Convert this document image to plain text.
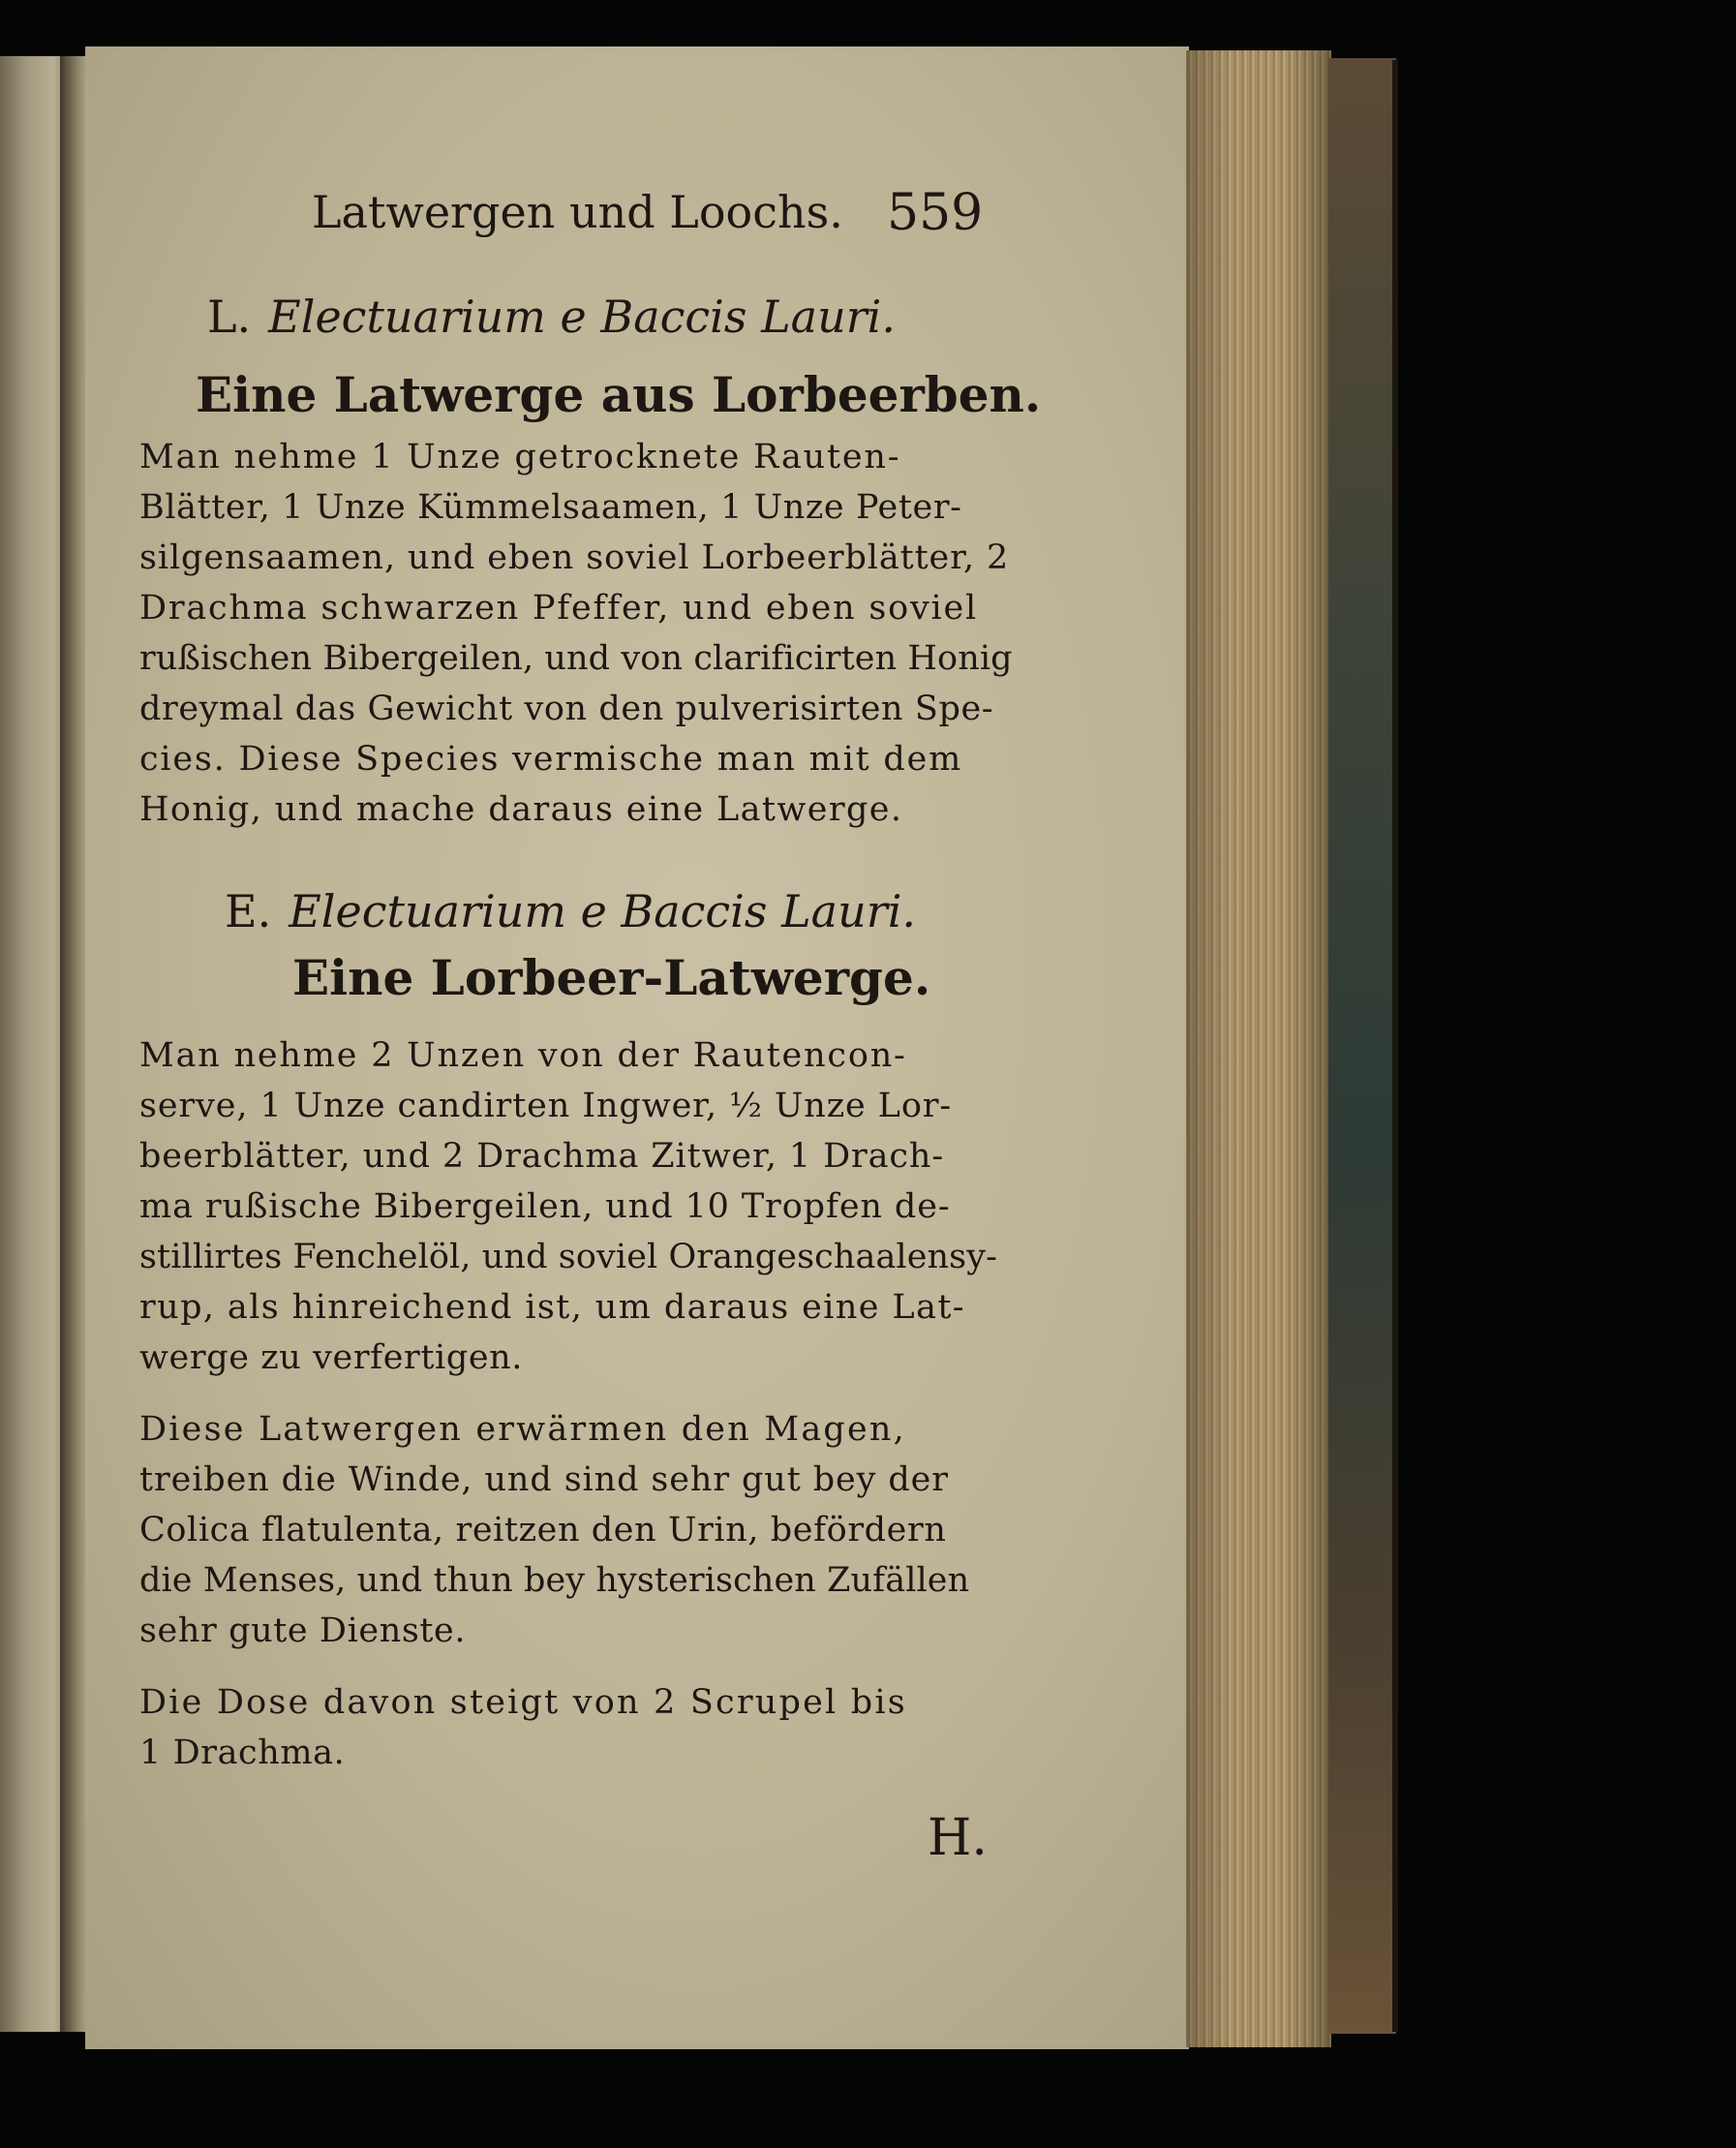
Latwergen und Loochs. 559
L. Electuarium e Baccis Lauri.
Eine Latwerge aus Lorbeerben.
Man nehme 1 Unze getrocknete Rauten-
Blätter, 1 Unze Kümmelsaamen, 1 Unze Peter-
silgensaamen, und eben soviel Lorbeerblätter, 2
Drachma schwarzen Pfeffer, und eben soviel
rußischen Bibergeilen, und von clarificirten Honig
dreymal das Gewicht von den pulverisirten Spe-
cies. Diese Species vermische man mit dem
Honig, und mache daraus eine Latwerge.
E. Electuarium e Baccis Lauri.
Eine Lorbeer-Latwerge.
Man nehme 2 Unzen von der Rautencon-
serve, 1 Unze candirten Ingwer, ½ Unze Lor-
beerblätter, und 2 Drachma Zitwer, 1 Drach-
ma rußische Bibergeilen, und 10 Tropfen de-
stillirtes Fenchelöl, und soviel Orangeschaalensy-
rup, als hinreichend ist, um daraus eine Lat-
werge zu verfertigen.
Diese Latwergen erwärmen den Magen,
treiben die Winde, und sind sehr gut bey der
Colica flatulenta, reitzen den Urin, befördern
die Menses, und thun bey hysterischen Zufällen
sehr gute Dienste.
Die Dose davon steigt von 2 Scrupel bis
1 Drachma.
H.
